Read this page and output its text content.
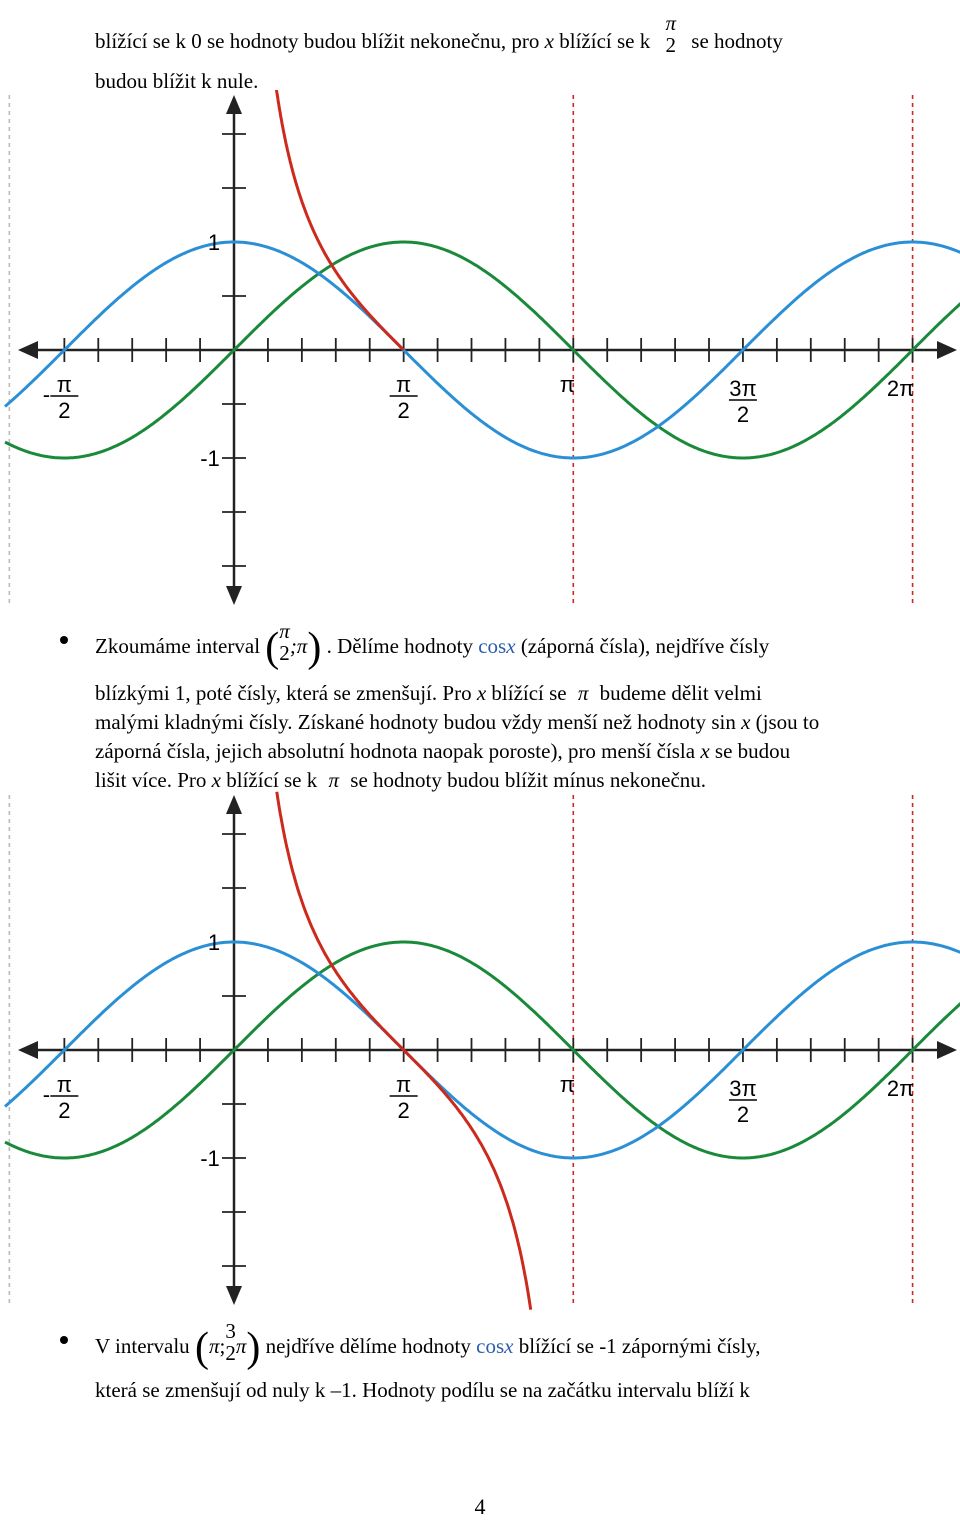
blížící se k 0 se hodnoty budou blížit nekonečnu, pro x blížící se k
π
2 se hodnoty
budou blížit k nule.
1
-1
- π
2
π
2
π	3π
2
2π
Zkoumáme interval ( π
2 ;π) . Dělíme hodnoty cosx (záporná čísla), nejdříve čísly
blízkými 1, poté čísly, která se zmenšují. Pro x blížící se π budeme dělit velmi
malými kladnými čísly. Získané hodnoty budou vždy menší než hodnoty sin x (jsou to
záporná čísla, jejich absolutní hodnota naopak poroste), pro menší čísla x se budou
lišit více. Pro x blížící se k π se hodnoty budou blížit mínus nekonečnu.
1
-1
- π
2
π
2
π	3π
2
2π
V intervalu (π;
3
2 π) nejdříve dělíme hodnoty cosx blížící se -1 zápornými čísly,
která se zmenšují od nuly k –1. Hodnoty podílu se na začátku intervalu blíží k
4
